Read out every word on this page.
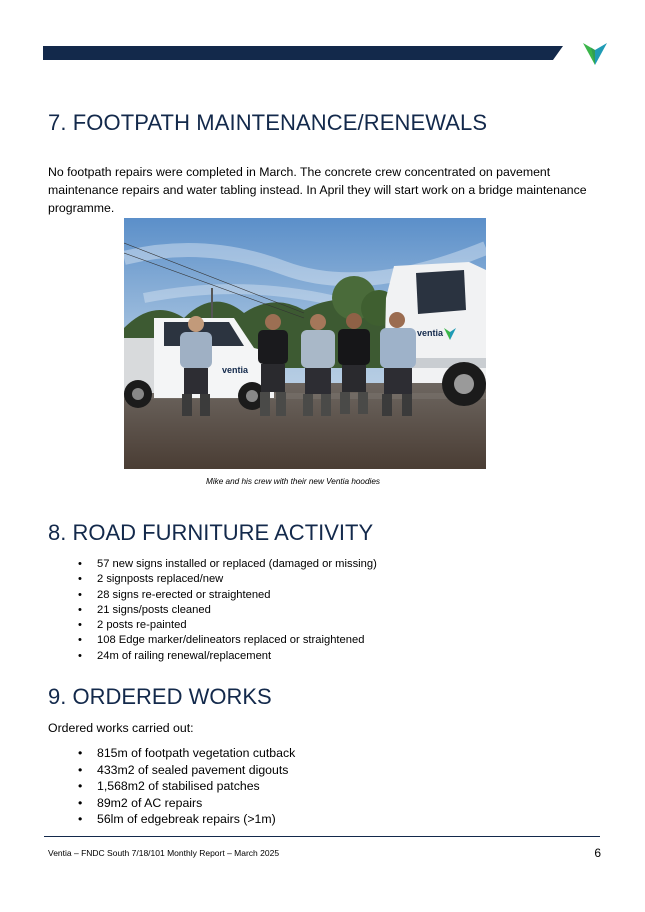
7. FOOTPATH MAINTENANCE/RENEWALS

No footpath repairs were completed in March. The concrete crew concentrated on pavement maintenance repairs and water tabling instead. In April they will start work on a bridge maintenance programme.

ventia
ventia

Mike and his crew with their new Ventia hoodies

8. ROAD FURNITURE ACTIVITY
• 57 new signs installed or replaced (damaged or missing)
• 2 signposts replaced/new
• 28 signs re-erected or straightened
• 21 signs/posts cleaned
• 2 posts re-painted
• 108 Edge marker/delineators replaced or straightened
• 24m of railing renewal/replacement
9. ORDERED WORKS

Ordered works carried out:

• 815m of footpath vegetation cutback
• 433m2 of sealed pavement digouts
• 1,568m2 of stabilised patches
• 89m2 of AC repairs
• 56lm of edgebreak repairs (>1m)

Ventia – FNDC South 7/18/101 Monthly Report – March 2025	6
